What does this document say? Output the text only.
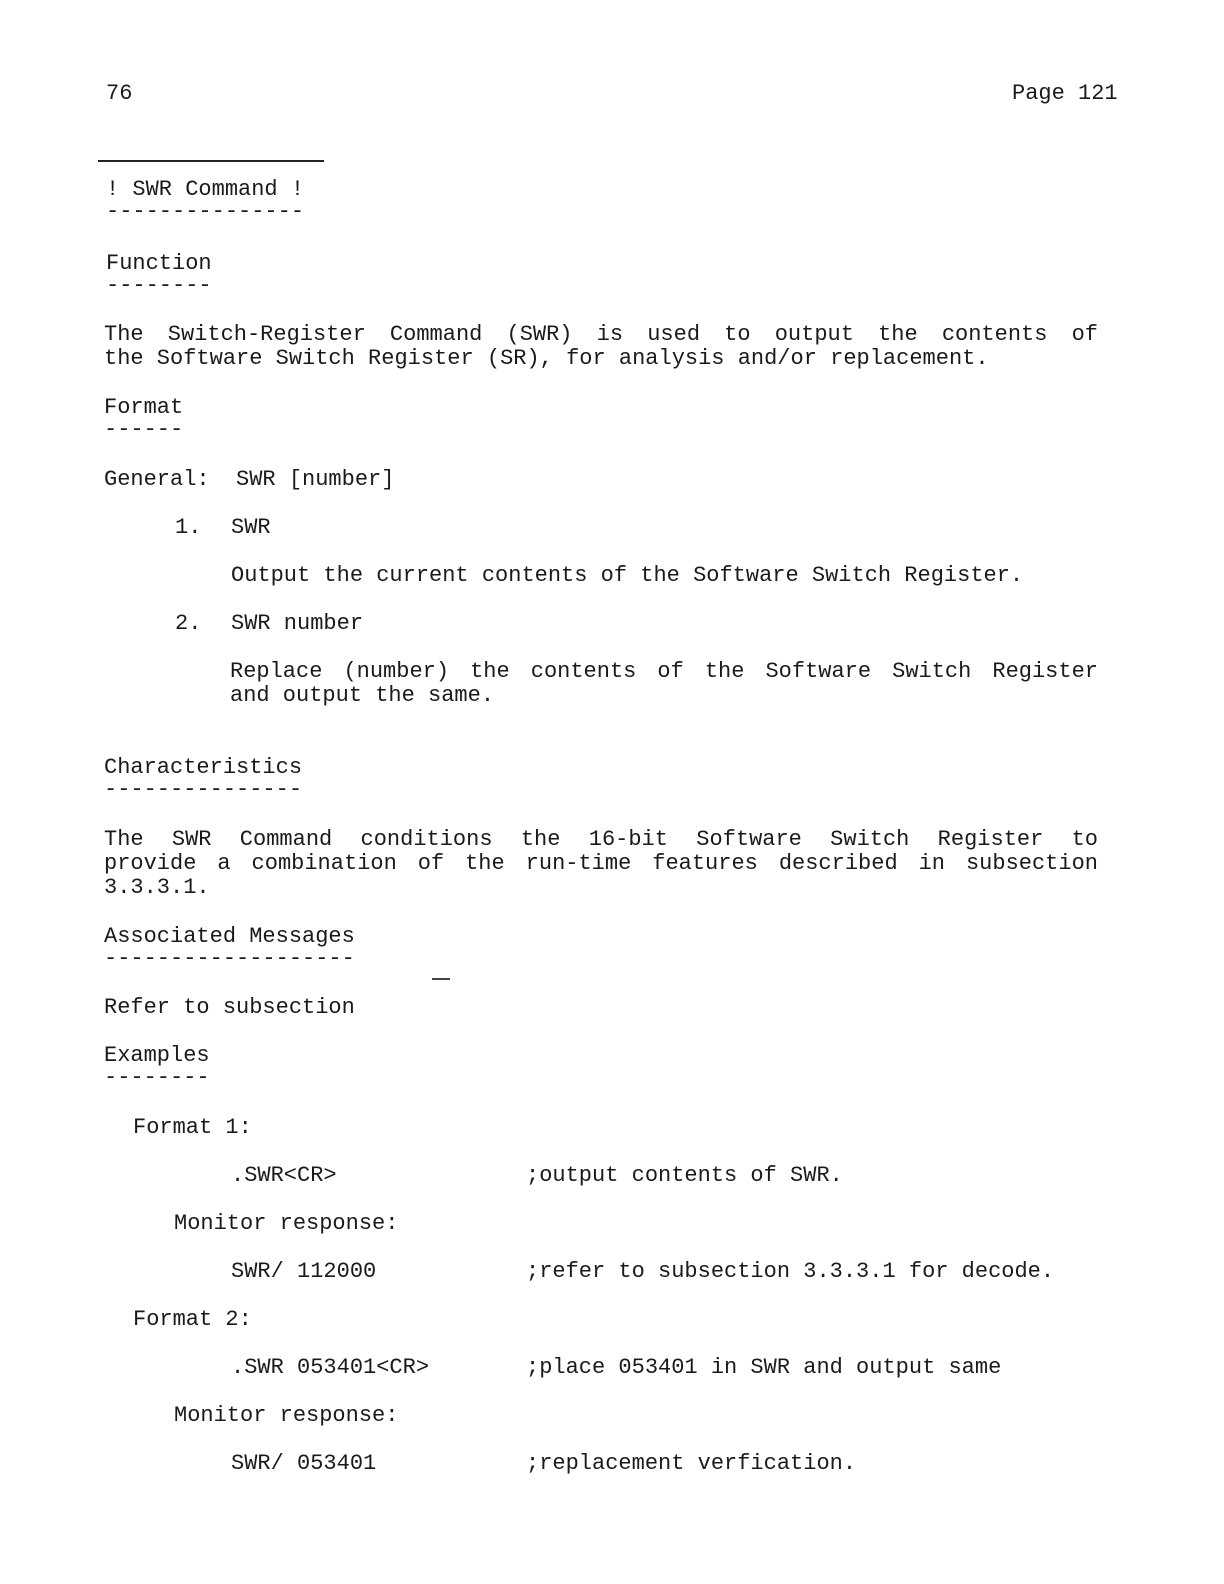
76	Page 121
! SWR Command !
---------------
Function
--------
The Switch-Register Command (SWR) is used to output the contents of
the Software Switch Register (SR), for analysis and/or replacement.
Format
------
General:  SWR [number]
1. SWR
Output the current contents of the Software Switch Register.
2. SWR number
Replace (number) the contents of the Software Switch Register
and output the same.
Characteristics
---------------
The SWR Command conditions the 16-bit Software Switch Register to
provide a combination of the run-time features described in subsection
3.3.3.1.
Associated Messages
-------------------
Refer to subsection
Examples
--------
Format 1:
.SWR<CR>	;output contents of SWR.
Monitor response:
SWR/ 112000	;refer to subsection 3.3.3.1 for decode.
Format 2:
.SWR 053401<CR>	;place 053401 in SWR and output same
Monitor response:
SWR/ 053401	;replacement verfication.
